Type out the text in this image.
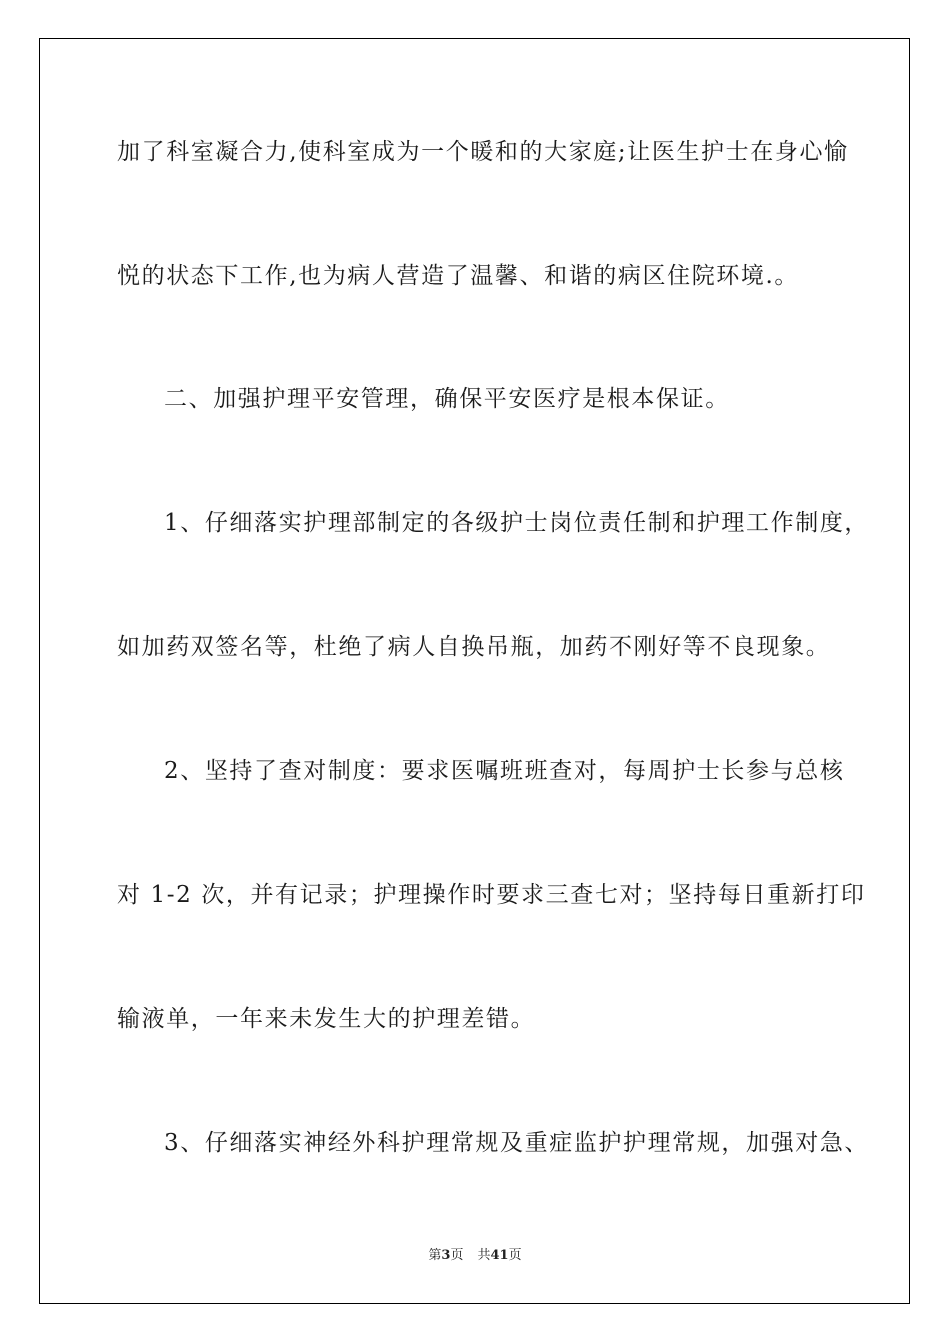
加了科室凝合力,使科室成为一个暖和的大家庭;让医生护士在身心愉
悦的状态下工作,也为病人营造了温馨、和谐的病区住院环境.。
二、加强护理平安管理，确保平安医疗是根本保证。
1、仔细落实护理部制定的各级护士岗位责任制和护理工作制度，
如加药双签名等，杜绝了病人自换吊瓶，加药不刚好等不良现象。
2、坚持了查对制度：要求医嘱班班查对，每周护士长参与总核
对 1-2 次，并有记录；护理操作时要求三查七对；坚持每日重新打印
输液单，一年来未发生大的护理差错。
3、仔细落实神经外科护理常规及重症监护护理常规，加强对急、
第3页 共41页
